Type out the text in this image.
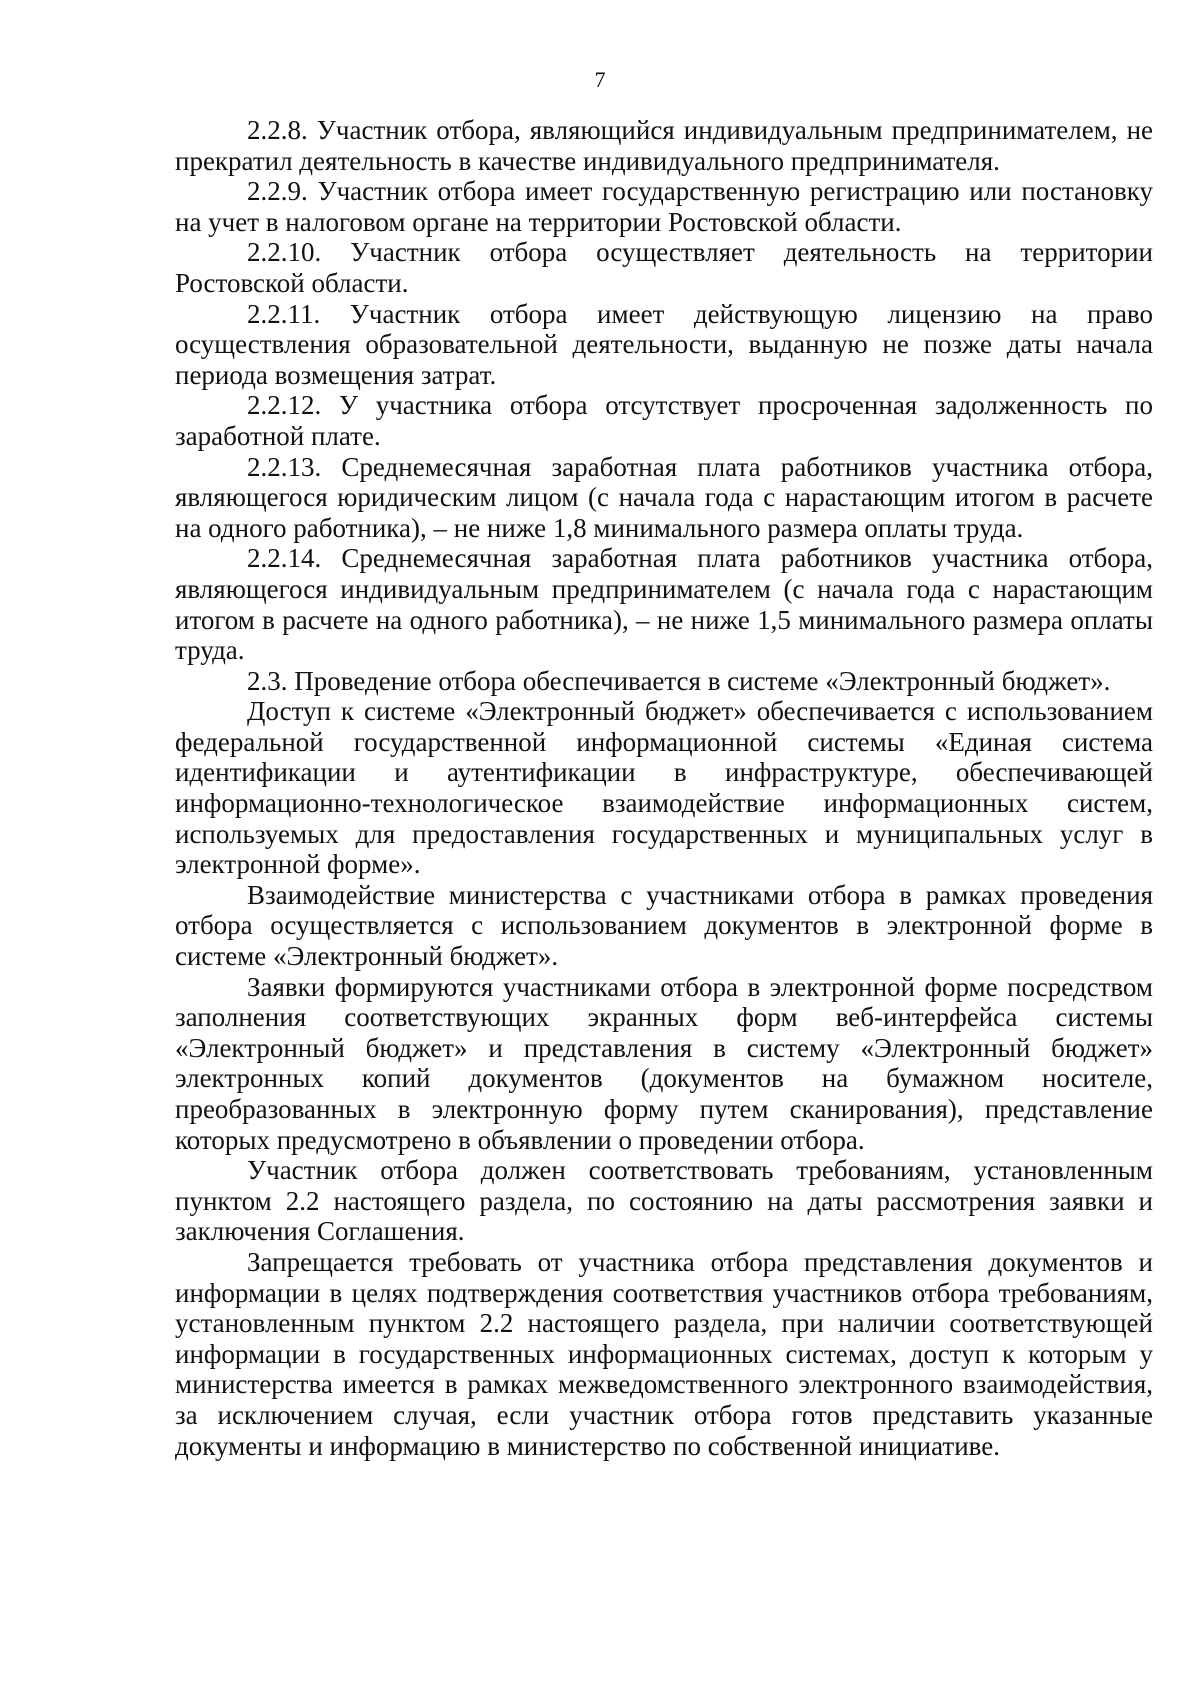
7

2.2.8. Участник отбора, являющийся индивидуальным предпринимателем, не прекратил деятельность в качестве индивидуального предпринимателя.

2.2.9. Участник отбора имеет государственную регистрацию или постановку на учет в налоговом органе на территории Ростовской области.

2.2.10. Участник отбора осуществляет деятельность на территории Ростовской области.

2.2.11. Участник отбора имеет действующую лицензию на право осуществления образовательной деятельности, выданную не позже даты начала периода возмещения затрат.

2.2.12. У участника отбора отсутствует просроченная задолженность по заработной плате.

2.2.13. Среднемесячная заработная плата работников участника отбора, являющегося юридическим лицом (с начала года с нарастающим итогом в расчете на одного работника), – не ниже 1,8 минимального размера оплаты труда.

2.2.14. Среднемесячная заработная плата работников участника отбора, являющегося индивидуальным предпринимателем (с начала года с нарастающим итогом в расчете на одного работника), – не ниже 1,5 минимального размера оплаты труда.

2.3. Проведение отбора обеспечивается в системе «Электронный бюджет».

Доступ к системе «Электронный бюджет» обеспечивается с использованием федеральной государственной информационной системы «Единая система идентификации и аутентификации в инфраструктуре, обеспечивающей информационно-технологическое взаимодействие информационных систем, используемых для предоставления государственных и муниципальных услуг в электронной форме».

Взаимодействие министерства с участниками отбора в рамках проведения отбора осуществляется с использованием документов в электронной форме в системе «Электронный бюджет».

Заявки формируются участниками отбора в электронной форме посредством заполнения соответствующих экранных форм веб-интерфейса системы «Электронный бюджет» и представления в систему «Электронный бюджет» электронных копий документов (документов на бумажном носителе, преобразованных в электронную форму путем сканирования), представление которых предусмотрено в объявлении о проведении отбора.

Участник отбора должен соответствовать требованиям, установленным пунктом 2.2 настоящего раздела, по состоянию на даты рассмотрения заявки и заключения Соглашения.

Запрещается требовать от участника отбора представления документов и информации в целях подтверждения соответствия участников отбора требованиям, установленным пунктом 2.2 настоящего раздела, при наличии соответствующей информации в государственных информационных системах, доступ к которым у министерства имеется в рамках межведомственного электронного взаимодействия, за исключением случая, если участник отбора готов представить указанные документы и информацию в министерство по собственной инициативе.
